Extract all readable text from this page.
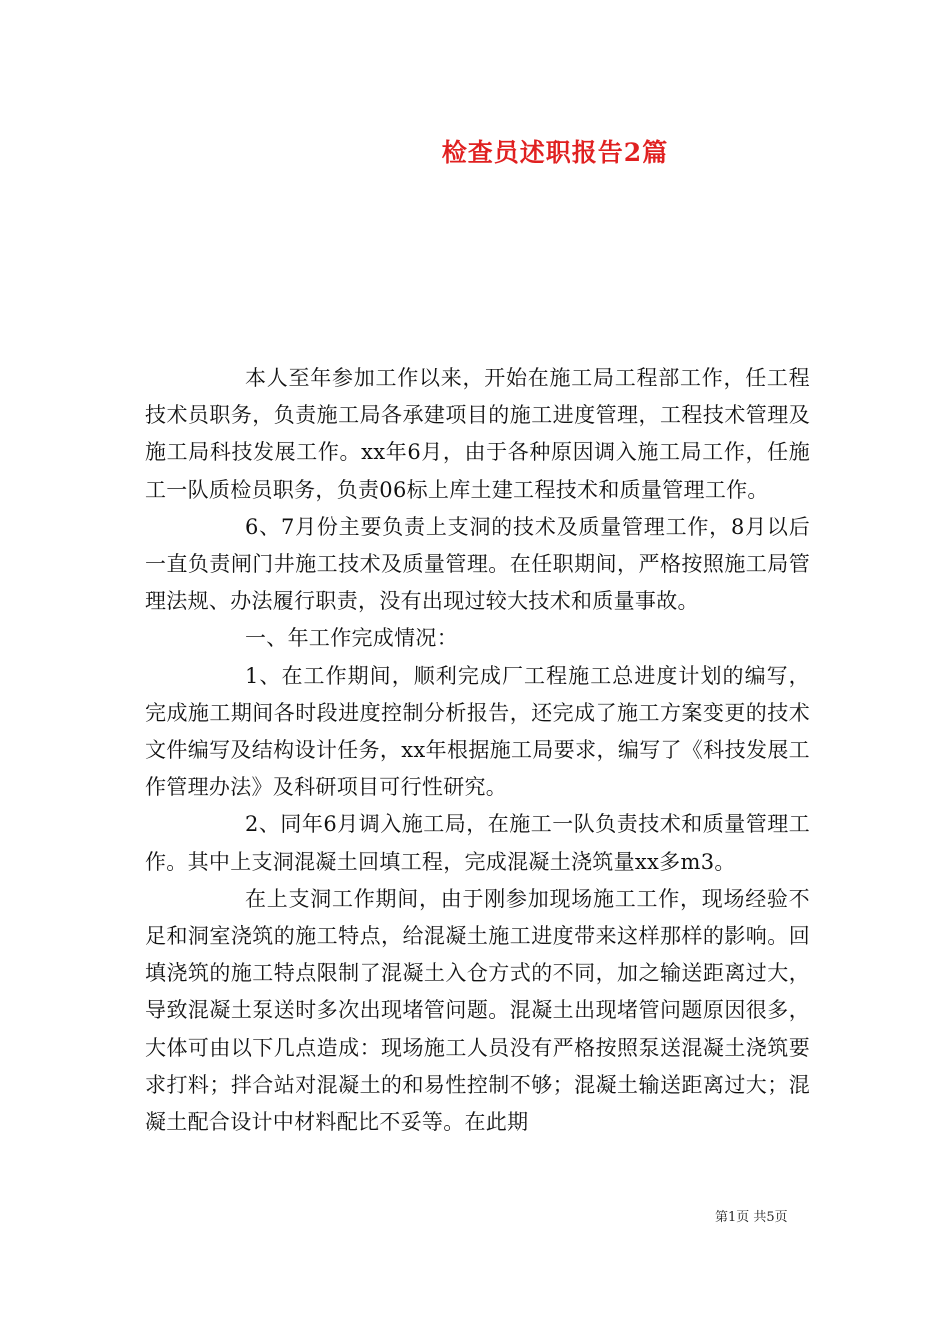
检查员述职报告2篇

本人至年参加工作以来，开始在施工局工程部工作，任工程技术员职务，负责施工局各承建项目的施工进度管理，工程技术管理及施工局科技发展工作。xx年6月，由于各种原因调入施工局工作，任施工一队质检员职务，负责06标上库土建工程技术和质量管理工作。

6、7月份主要负责上支洞的技术及质量管理工作，8月以后一直负责闸门井施工技术及质量管理。在任职期间，严格按照施工局管理法规、办法履行职责，没有出现过较大技术和质量事故。

一、年工作完成情况：

1、在工作期间，顺利完成厂工程施工总进度计划的编写，完成施工期间各时段进度控制分析报告，还完成了施工方案变更的技术文件编写及结构设计任务，xx年根据施工局要求，编写了《科技发展工作管理办法》及科研项目可行性研究。

2、同年6月调入施工局，在施工一队负责技术和质量管理工作。其中上支洞混凝土回填工程，完成混凝土浇筑量xx多m3。

在上支洞工作期间，由于刚参加现场施工工作，现场经验不足和洞室浇筑的施工特点，给混凝土施工进度带来这样那样的影响。回填浇筑的施工特点限制了混凝土入仓方式的不同，加之输送距离过大，导致混凝土泵送时多次出现堵管问题。混凝土出现堵管问题原因很多，大体可由以下几点造成：现场施工人员没有严格按照泵送混凝土浇筑要求打料；拌合站对混凝土的和易性控制不够；混凝土输送距离过大；混凝土配合设计中材料配比不妥等。在此期

第1页 共5页
